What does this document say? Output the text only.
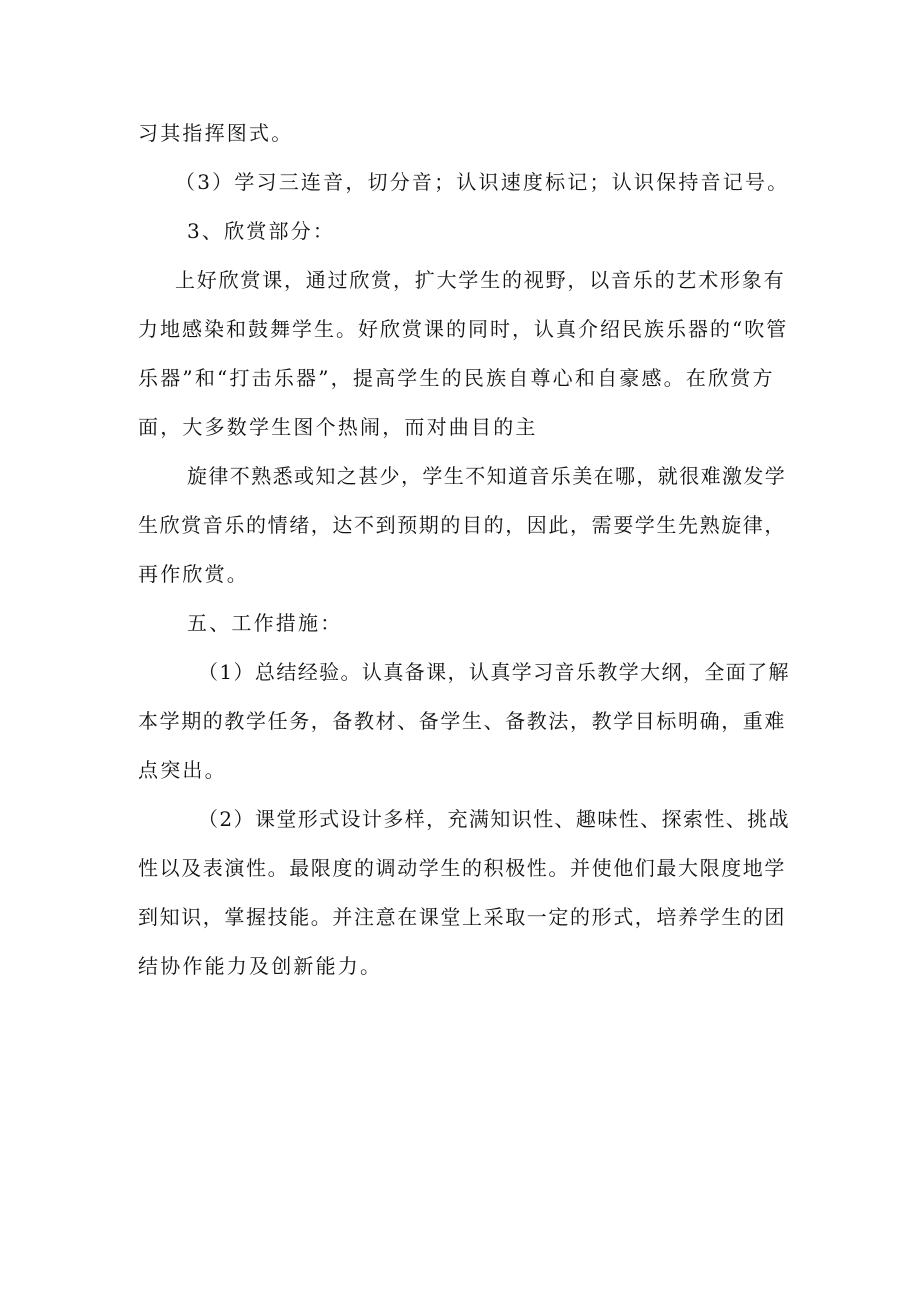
习其指挥图式。
（3）学习三连音，切分音；认识速度标记；认识保持音记号。
3、欣赏部分：
上好欣赏课，通过欣赏，扩大学生的视野，以音乐的艺术形象有
力地感染和鼓舞学生。好欣赏课的同时，认真介绍民族乐器的“吹管
乐器”和“打击乐器”，提高学生的民族自尊心和自豪感。在欣赏方
面，大多数学生图个热闹，而对曲目的主
旋律不熟悉或知之甚少，学生不知道音乐美在哪，就很难激发学
生欣赏音乐的情绪，达不到预期的目的，因此，需要学生先熟旋律，
再作欣赏。
五、工作措施：
（1）总结经验。认真备课，认真学习音乐教学大纲，全面了解
本学期的教学任务，备教材、备学生、备教法，教学目标明确，重难
点突出。
（2）课堂形式设计多样，充满知识性、趣味性、探索性、挑战
性以及表演性。最限度的调动学生的积极性。并使他们最大限度地学
到知识，掌握技能。并注意在课堂上采取一定的形式，培养学生的团
结协作能力及创新能力。
